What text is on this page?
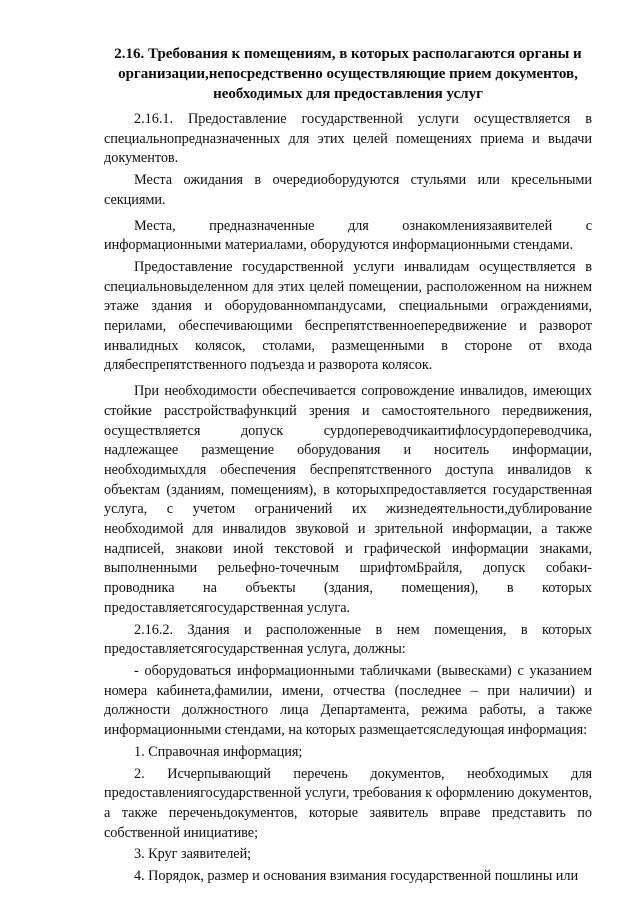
2.16. Требования к помещениям, в которых располагаются органы и
организации,непосредственно осуществляющие прием документов,
необходимых для предоставления услуг

2.16.1. Предоставление государственной услуги осуществляется в специальнопредназначенных для этих целей помещениях приема и выдачи документов.

Места ожидания в очередиоборудуются стульями или кресельными секциями.

Места, предназначенные для ознакомлениязаявителей с информационными материалами, оборудуются информационными стендами.

Предоставление государственной услуги инвалидам осуществляется в специальновыделенном для этих целей помещении, расположенном на нижнем этаже здания и оборудованномпандусами, специальными ограждениями, перилами, обеспечивающими беспрепятственноепередвижение и разворот инвалидных колясок, столами, размещенными в стороне от входа длябеспрепятственного подъезда и разворота колясок.

При необходимости обеспечивается сопровождение инвалидов, имеющих стойкие расстройствафункций зрения и самостоятельного передвижения, осуществляется допуск сурдопереводчикаитифлосурдопереводчика, надлежащее размещение оборудования и носитель информации, необходимыхдля обеспечения беспрепятственного доступа инвалидов к объектам (зданиям, помещениям), в которыхпредоставляется государственная услуга, с учетом ограничений их жизнедеятельности,дублирование необходимой для инвалидов звуковой и зрительной информации, а также надписей, знакови иной текстовой и графической информации знаками, выполненными рельефно-точечным шрифтомБрайля, допуск собаки-проводника на объекты (здания, помещения), в которых предоставляетсягосударственная услуга.

2.16.2. Здания и расположенные в нем помещения, в которых предоставляетсягосударственная услуга, должны:

- оборудоваться информационными табличками (вывесками) с указанием номера кабинета,фамилии, имени, отчества (последнее – при наличии) и должности должностного лица Департамента, режима работы, а также информационными стендами, на которых размещаетсяследующая информация:

1. Справочная информация;

2. Исчерпывающий перечень документов, необходимых для предоставлениягосударственной услуги, требования к оформлению документов, а также переченьдокументов, которые заявитель вправе представить по собственной инициативе;

3. Круг заявителей;

4. Порядок, размер и основания взимания государственной пошлины или
